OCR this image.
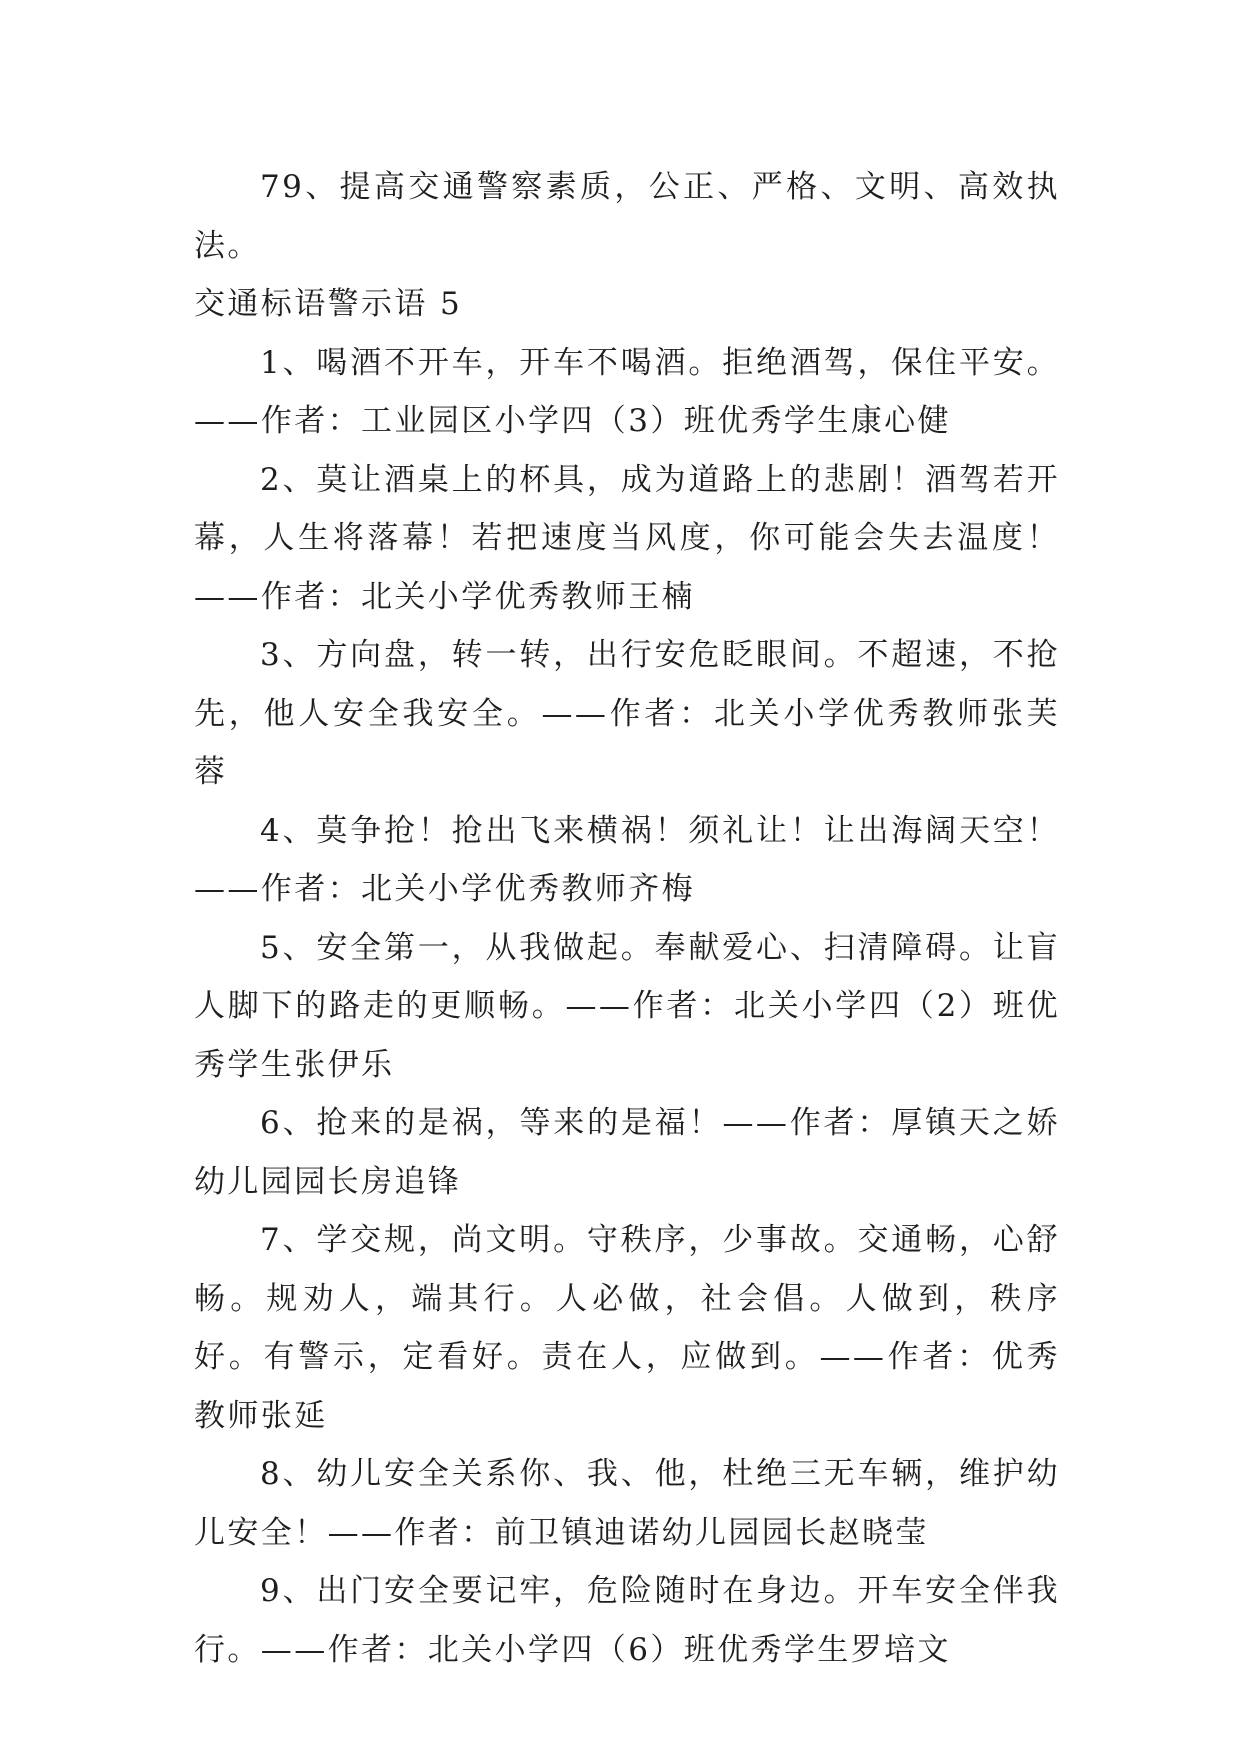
79、提高交通警察素质，公正、严格、文明、高效执法。

交通标语警示语 5

1、喝酒不开车，开车不喝酒。拒绝酒驾，保住平安。——作者：工业园区小学四（3）班优秀学生康心健

2、莫让酒桌上的杯具，成为道路上的悲剧！酒驾若开幕，人生将落幕！若把速度当风度，你可能会失去温度！——作者：北关小学优秀教师王楠

3、方向盘，转一转，出行安危眨眼间。不超速，不抢先，他人安全我安全。——作者：北关小学优秀教师张芙蓉

4、莫争抢！抢出飞来横祸！须礼让！让出海阔天空！——作者：北关小学优秀教师齐梅

5、安全第一，从我做起。奉献爱心、扫清障碍。让盲人脚下的路走的更顺畅。——作者：北关小学四（2）班优秀学生张伊乐

6、抢来的是祸，等来的是福！——作者：厚镇天之娇幼儿园园长房追锋

7、学交规，尚文明。守秩序，少事故。交通畅，心舒畅。规劝人，端其行。人必做，社会倡。人做到，秩序好。有警示，定看好。责在人，应做到。——作者：优秀教师张延

8、幼儿安全关系你、我、他，杜绝三无车辆，维护幼儿安全！——作者：前卫镇迪诺幼儿园园长赵晓莹

9、出门安全要记牢，危险随时在身边。开车安全伴我行。——作者：北关小学四（6）班优秀学生罗培文
